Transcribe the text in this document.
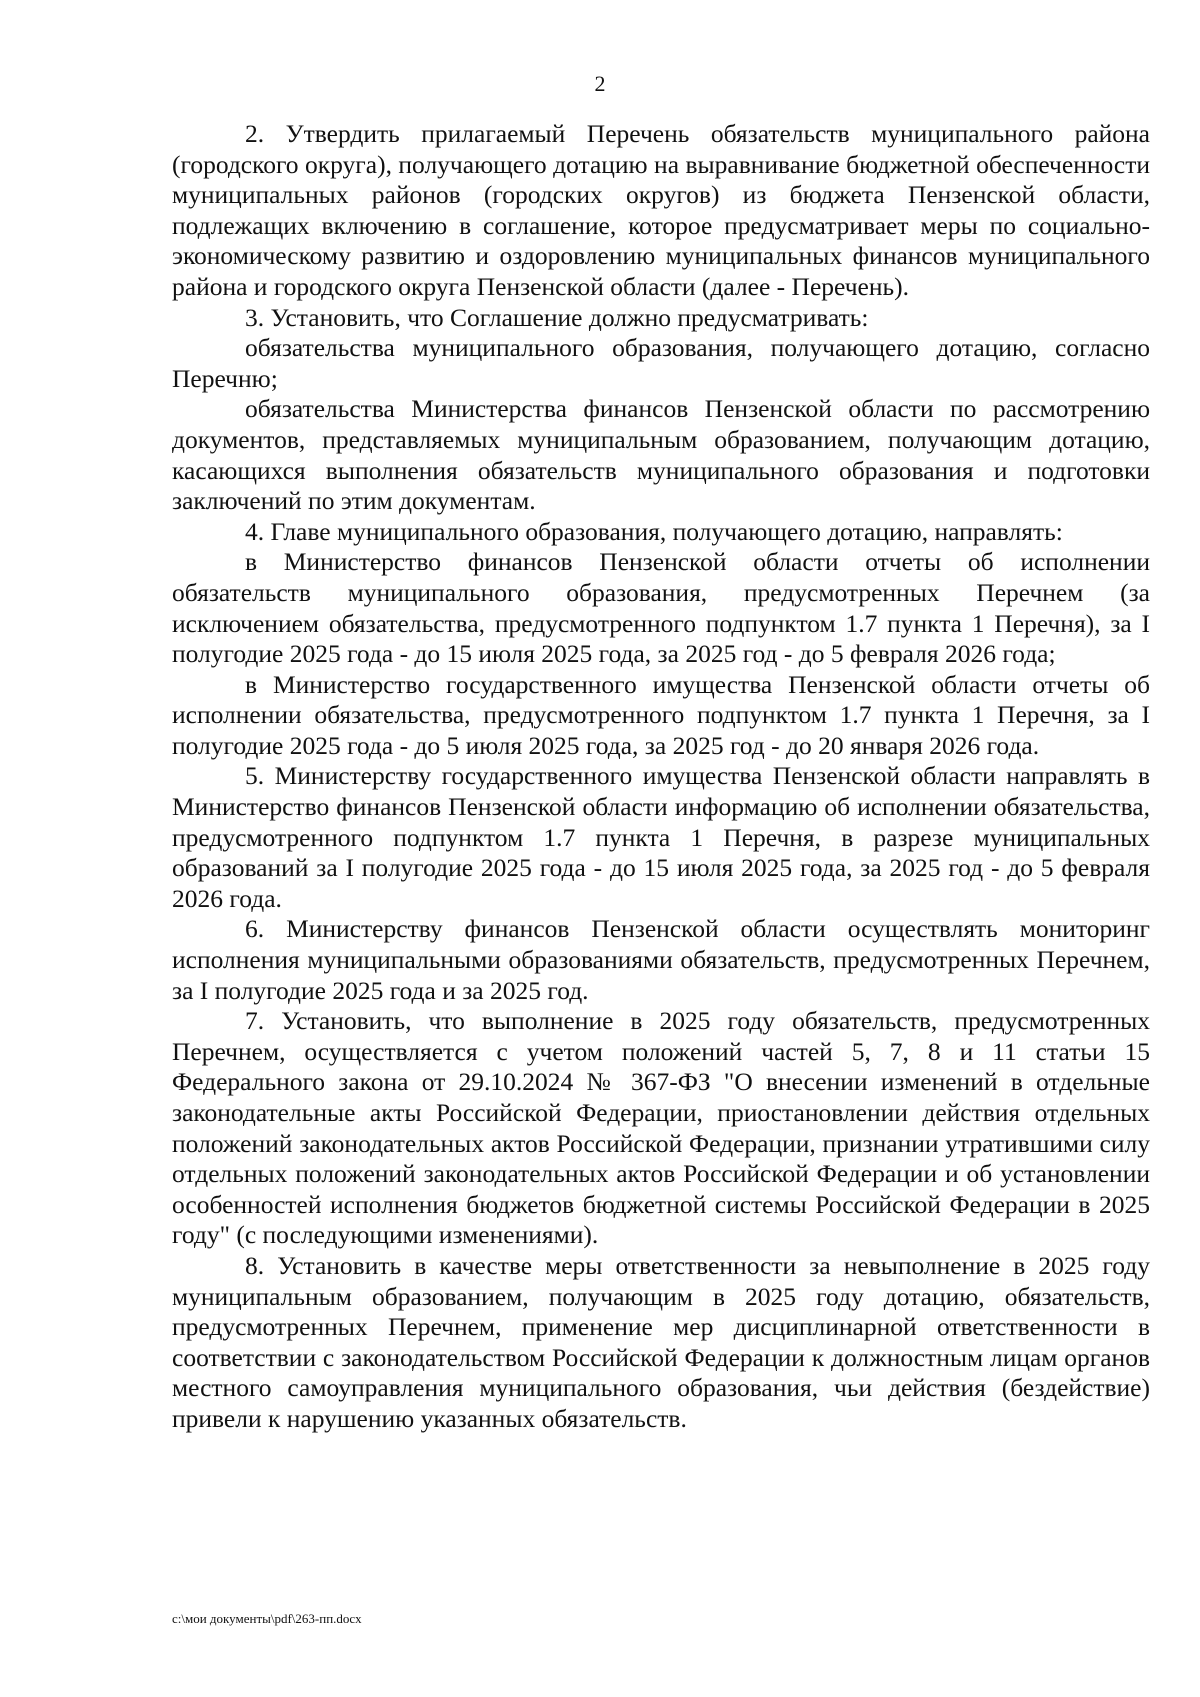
2

2. Утвердить прилагаемый Перечень обязательств муниципального района (городского округа), получающего дотацию на выравнивание бюджетной обеспеченности муниципальных районов (городских округов) из бюджета Пензенской области, подлежащих включению в соглашение, которое предусматривает меры по социально-экономическому развитию и оздоровлению муниципальных финансов муниципального района и городского округа Пензенской области (далее - Перечень).

3. Установить, что Соглашение должно предусматривать:

обязательства муниципального образования, получающего дотацию, согласно Перечню;

обязательства Министерства финансов Пензенской области по рассмотрению документов, представляемых муниципальным образованием, получающим дотацию, касающихся выполнения обязательств муниципального образования и подготовки заключений по этим документам.

4. Главе муниципального образования, получающего дотацию, направлять:

в Министерство финансов Пензенской области отчеты об исполнении обязательств муниципального образования, предусмотренных Перечнем (за исключением обязательства, предусмотренного подпунктом 1.7 пункта 1 Перечня), за I полугодие 2025 года - до 15 июля 2025 года, за 2025 год - до 5 февраля 2026 года;

в Министерство государственного имущества Пензенской области отчеты об исполнении обязательства, предусмотренного подпунктом 1.7 пункта 1 Перечня, за I полугодие 2025 года - до 5 июля 2025 года, за 2025 год - до 20 января 2026 года.

5. Министерству государственного имущества Пензенской области направлять в Министерство финансов Пензенской области информацию об исполнении обязательства, предусмотренного подпунктом 1.7 пункта 1 Перечня, в разрезе муниципальных образований за I полугодие 2025 года - до 15 июля 2025 года, за 2025 год - до 5 февраля 2026 года.

6. Министерству финансов Пензенской области осуществлять мониторинг исполнения муниципальными образованиями обязательств, предусмотренных Перечнем, за I полугодие 2025 года и за 2025 год.

7. Установить, что выполнение в 2025 году обязательств, предусмотренных Перечнем, осуществляется с учетом положений частей 5, 7, 8 и 11 статьи 15 Федерального закона от 29.10.2024 № 367-ФЗ "О внесении изменений в отдельные законодательные акты Российской Федерации, приостановлении действия отдельных положений законодательных актов Российской Федерации, признании утратившими силу отдельных положений законодательных актов Российской Федерации и об установлении особенностей исполнения бюджетов бюджетной системы Российской Федерации в 2025 году" (с последующими изменениями).

8. Установить в качестве меры ответственности за невыполнение в 2025 году муниципальным образованием, получающим в 2025 году дотацию, обязательств, предусмотренных Перечнем, применение мер дисциплинарной ответственности в соответствии с законодательством Российской Федерации к должностным лицам органов местного самоуправления муниципального образования, чьи действия (бездействие) привели к нарушению указанных обязательств.

c:\мои документы\pdf\263-пп.docx
